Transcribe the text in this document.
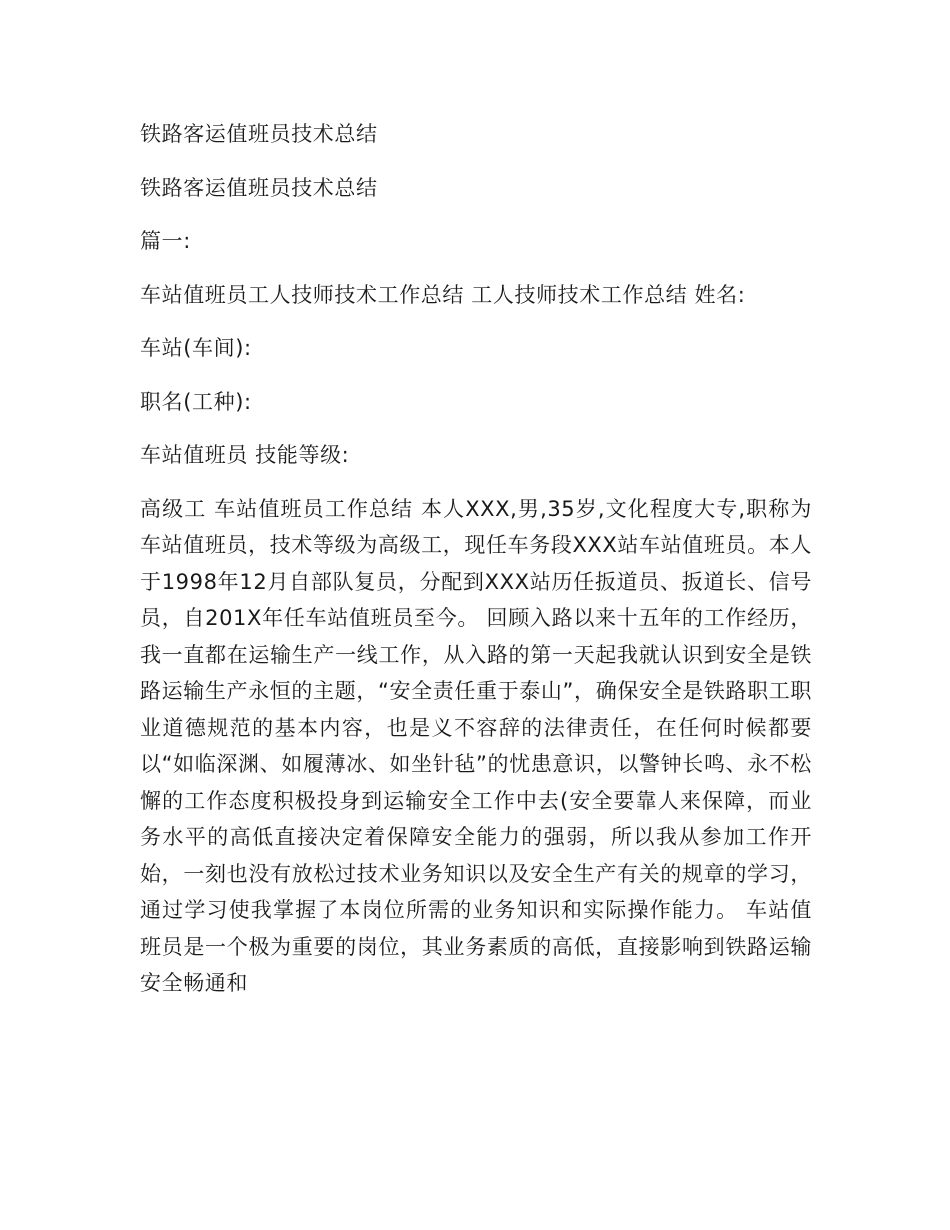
铁路客运值班员技术总结

铁路客运值班员技术总结

篇一:

车站值班员工人技师技术工作总结 工人技师技术工作总结 姓名:

车站(车间):

职名(工种):

车站值班员 技能等级:

高级工 车站值班员工作总结 本人XXX,男,35岁,文化程度大专,职称为车站值班员，技术等级为高级工，现任车务段XXX站车站值班员。本人于1998年12月自部队复员，分配到XXX站历任扳道员、扳道长、信号员，自201X年任车站值班员至今。 回顾入路以来十五年的工作经历，我一直都在运输生产一线工作，从入路的第一天起我就认识到安全是铁路运输生产永恒的主题，“安全责任重于泰山”，确保安全是铁路职工职业道德规范的基本内容，也是义不容辞的法律责任，在任何时候都要以“如临深渊、如履薄冰、如坐针毡”的忧患意识，以警钟长鸣、永不松懈的工作态度积极投身到运输安全工作中去(安全要靠人来保障，而业务水平的高低直接决定着保障安全能力的强弱，所以我从参加工作开始，一刻也没有放松过技术业务知识以及安全生产有关的规章的学习，通过学习使我掌握了本岗位所需的业务知识和实际操作能力。 车站值班员是一个极为重要的岗位，其业务素质的高低，直接影响到铁路运输安全畅通和
